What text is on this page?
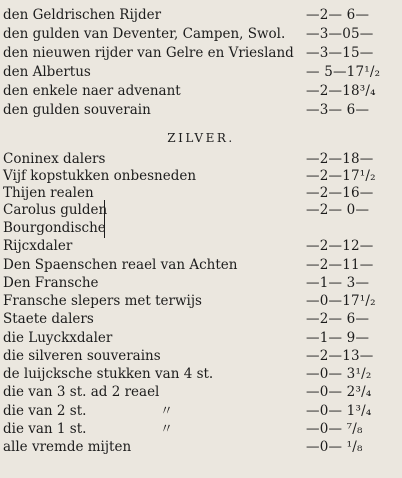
den Geldrischen Rijder	—2— 6—
den gulden van Deventer, Campen, Swol. —3—05—
den nieuwen rijder van Gelre en Vriesland —3—15—
den Albertus	— 5—17¹/₂
den enkele naer advenant	—2—18³/₄
den gulden souverain	—3— 6—
ZILVER.
Coninex dalers	—2—18—
Vijf kopstukken onbesneden	—2—17¹/₂
Thijen realen	—2—16—
Carolus gulden	—2— 0—
Bourgondische
Rijcxdaler	—2—12—
Den Spaenschen reael van Achten	—2—11—
Den Fransche	—1— 3—
Fransche slepers met terwijs	—0—17¹/₂
Staete dalers	—2— 6—
die Luyckxdaler	—1— 9—
die silveren souverains	—2—13—
de luijcksche stukken van 4 st.	—0— 3¹/₂
die van 3 st. ad 2 reael	—0— 2³/₄
die van 2 st.	〃	—0— 1³/₄
die van 1 st.	〃	—0— ⁷/₈
alle vremde mijten	—0— ¹/₈
